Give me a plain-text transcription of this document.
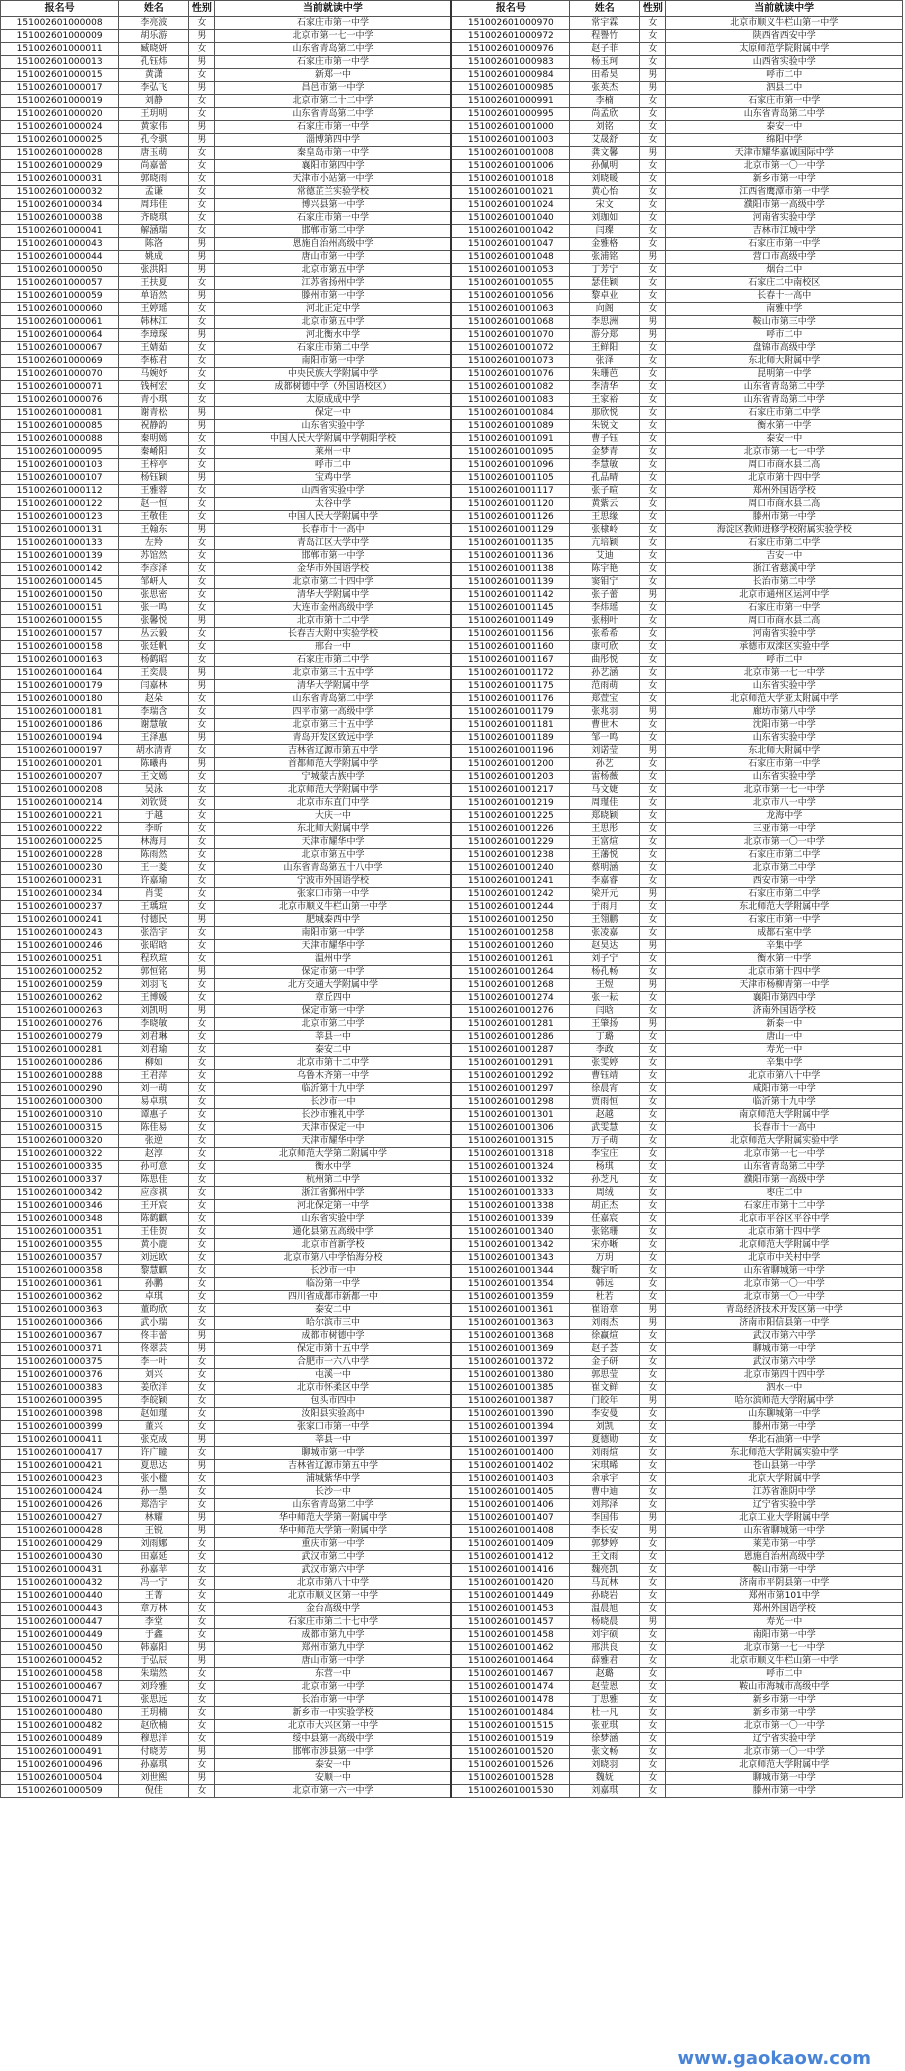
报名号	姓名	性别	当前就读中学	报名号	姓名	性别	当前就读中学
151002601000008	李亮波	女	石家庄市第一中学	151002601000970	常宇霖	女	北京市顺义牛栏山第一中学
151002601000009	胡乐游	男	北京市第一七一中学	151002601000972	程譽竹	女	陕西省西安中学
151002601000011	臧晓妍	女	山东省青岛第二中学	151002601000976	赵子菲	女	太原师范学院附属中学
151002601000013	孔钰炜	男	石家庄市第一中学	151002601000983	杨玉珂	女	山西省实验中学
151002601000015	黄潇	女	新郑一中	151002601000984	田希昊	男	呼市二中
151002601000017	李弘飞	男	昌邑市第一中学	151002601000985	张英杰	男	泗县二中
151002601000019	刘静	女	北京市第二十二中学	151002601000991	李楠	女	石家庄市第一中学
151002601000020	王玥明	女	山东省青岛第二中学	151002601000995	尚孟欣	女	山东省青岛第二中学
151002601000024	黄家伟	男	石家庄市第一中学	151002601001000	刘铭	女	泰安一中
151002601000025	孔令骐	男	淄博第四中学	151002601001003	艾晟舒	女	绵阳中学
151002601000028	唐玉萌	女	秦皇岛市第一中学	151002601001008	龚文馨	男	天津市耀华嘉诚国际中学
151002601000029	尚嘉蕾	女	襄阳市第四中学	151002601001006	孙佩明	女	北京市第一〇一中学
151002601000031	郭晓雨	女	天津市小站第一中学	151002601001018	刘晓暖	女	新乡市第一中学
151002601000032	孟谦	女	常德芷兰实验学校	151002601001021	黄心怡	女	江西省鹰潭市第一中学
151002601000034	周玮佳	女	博兴县第一中学	151002601001024	宋文	女	濮阳市第一高级中学
151002601000038	齐晓琪	女	石家庄市第一中学	151002601001040	刘珈如	女	河南省实验中学
151002601000041	解涵瑞	女	邯郸市第二中学	151002601001042	闫璨	女	吉林市江城中学
151002601000043	陈洛	男	恩施自治州高级中学	151002601001047	金雅格	女	石家庄市第一中学
151002601000044	姚成	男	唐山市第一中学	151002601001048	张浦铭	男	营口市高级中学
151002601000050	张洪阳	男	北京市第五中学	151002601001053	丁芳宁	女	烟台二中
151002601000057	王扶夏	女	江苏省扬州中学	151002601001055	瑟佳颖	女	石家庄二中南校区
151002601000059	单语然	男	滕州市第一中学	151002601001056	黎卓业	女	长春十一高中
151002601000060	王婷瑶	女	河北正定中学	151002601001063	向阁	女	南雅中学
151002601000061	韩林江	女	北京市第五中学	151002601001068	李思洲	男	鞍山市第三中学
151002601000064	李璋琛	男	河北衡水中学	151002601001070	游分郑	男	呼市二中
151002601000067	王婧茹	女	石家庄市第二中学	151002601001072	王鲜阳	女	盘锦市高级中学
151002601000069	李栋君	女	南阳市第一中学	151002601001073	张泽	女	东北师大附属中学
151002601000070	马婉妤	女	中央民族大学附属中学	151002601001076	朱珊芭	女	昆明第一中学
151002601000071	钱柯宏	女	成都树德中学（外国语校区）	151002601001082	李清华	女	山东省青岛第二中学
151002601000076	青小琪	女	太原成成中学	151002601001083	王家裕	女	山东省青岛第二中学
151002601000081	谢青松	男	保定一中	151002601001084	那欣悦	女	石家庄市第二中学
151002601000085	祝静韵	男	山东省实验中学	151002601001089	朱锐文	女	衡水第一中学
151002601000088	秦明嫣	女	中国人民大学附属中学朝阳学校	151002601001091	曹子钰	女	泰安一中
151002601000095	秦崤阳	女	莱州一中	151002601001095	金梦青	女	北京市第一七一中学
151002601000103	王梓亭	女	呼市二中	151002601001096	李慧敏	女	周口市商水县二高
151002601000107	杨钰颖	男	宝鸡中学	151002601001105	孔品晴	女	北京市第十四中学
151002601000112	王雅蓉	女	山西省实验中学	151002601001117	张子暄	女	郑州外国语学校
151002601000122	赵一恒	女	太谷中学	151002601001120	黄紫云	女	周口市商水县二高
151002601000123	王敬佳	女	中国人民大学附属中学	151002601001126	王思缘	女	滕州市第一中学
151002601000131	王翰东	男	长春市十一高中	151002601001129	张棣岭	女	海淀区教师进修学校附属实验学校
151002601000133	左羚	女	青岛江区大学中学	151002601001135	亢培颖	女	石家庄市第二中学
151002601000139	苏馆然	女	邯郸市第一中学	151002601001136	艾迪	女	吉安一中
151002601000142	李彦泽	女	金华市外国语学校	151002601001138	陈宇艳	女	浙江省慈溪中学
151002601000145	邹岍人	女	北京市第二十四中学	151002601001139	窦钼宁	女	长治市第二中学
151002601000150	张思密	女	清华大学附属中学	151002601001142	张子蕾	男	北京市通州区运河中学
151002601000151	张一鸣	女	大连市金州高级中学	151002601001145	李炜瑶	女	石家庄市第一中学
151002601000155	张馨悦	男	北京市第十二中学	151002601001149	张栩叶	女	周口市商水县二高
151002601000157	丛云毅	女	长春吉大附中实验学校	151002601001156	张希希	女	河南省实验中学
151002601000158	张廷帆	女	邢台一中	151002601001160	康可欣	女	承德市双滦区实验中学
151002601000163	杨鹤昭	女	石家庄市第二中学	151002601001167	曲彤悦	女	呼市二中
151002601000164	王奕晨	男	北京市第三十五中学	151002601001172	孙艺涵	女	北京市第一七一中学
151002601000179	闫嘉林	男	清华大学附属中学	151002601001175	范雨萌	女	山东省实验中学
151002601000180	赵朵	女	山东省青岛第二中学	151002601001176	郑萱宝	女	北京师范大学亚太附属中学
151002601000181	李瑞含	女	四平市第一高级中学	151002601001179	张兆羽	男	廊坊市第八中学
151002601000186	谢慧敏	女	北京市第三十五中学	151002601001181	曹世木	女	沈阳市第一中学
151002601000194	王泽惠	男	青岛开发区致远中学	151002601001189	邹一鸣	女	山东省实验中学
151002601000197	胡水清青	女	吉林省辽源市第五中学	151002601001196	刘诺莹	男	东北师大附属中学
151002601000201	陈曦冉	男	首都师范大学附属中学	151002601001200	孙艺	女	石家庄市第一中学
151002601000207	王文嫣	女	宁城蒙古族中学	151002601001203	雷杨薇	女	山东省实验中学
151002601000208	吴泳	女	北京师范大学附属中学	151002601001217	马文婕	女	北京市第一七一中学
151002601000214	刘钦贤	女	北京市东直门中学	151002601001219	周瑾佳	女	北京市八一中学
151002601000221	于越	女	大庆一中	151002601001225	郑晓颖	女	龙海中学
151002601000222	李昕	女	东北师大附属中学	151002601001226	王思彤	女	三亚市第一中学
151002601000225	林海月	女	天津市耀华中学	151002601001229	王富煊	女	北京市第一〇一中学
151002601000228	陈雨然	女	北京市第五中学	151002601001238	王藩悦	女	石家庄市第二中学
151002601000230	王一菱	女	山东省青岛第五十八中学	151002601001240	蔡明涵	女	北京市第二中学
151002601000231	许嘉瑜	女	宁波市外国语学校	151002601001241	李嘉睿	女	西安市第一中学
151002601000234	肖雯	女	张家口市第一中学	151002601001242	梁开元	男	石家庄市第二中学
151002601000237	王瑀瑄	女	北京市顺义牛栏山第一中学	151002601001244	于雨月	女	东北师范大学附属中学
151002601000241	付德民	男	肥城泰西中学	151002601001250	王翎鹏	女	石家庄市第一中学
151002601000243	张浩宇	女	南阳市第一中学	151002601001258	张凌嘉	女	成都石室中学
151002601000246	张昭晗	女	天津市耀华中学	151002601001260	赵昊达	男	辛集中学
151002601000251	程玖瑄	女	温州中学	151002601001261	刘子宁	女	衡水第一中学
151002601000252	郭恒铭	男	保定市第一中学	151002601001264	杨孔畅	女	北京市第十四中学
151002601000259	刘羽飞	女	北方交通大学附属中学	151002601001268	王煜	男	天津市杨柳青第一中学
151002601000262	王博媛	女	章丘四中	151002601001274	张一耘	女	襄阳市第四中学
151002601000263	刘凯明	男	保定市第一中学	151002601001276	闫晗	女	济南外国语学校
151002601000276	李晓敏	女	北京市第二中学	151002601001281	王肇扬	男	新泰一中
151002601000279	刘君琳	女	莘县一中	151002601001286	丁璐	女	唐山一中
151002601000281	刘君瑜	女	泰安二中	151002601001287	李政	女	寿光一中
151002601000286	柳如	女	北京市第十二中学	151002601001291	张雯婷	女	辛集中学
151002601000288	王君萍	女	乌鲁木齐第一中学	151002601001292	曹钰靖	女	北京市第八十中学
151002601000290	刘一萌	女	临沂第十九中学	151002601001297	徐晨宵	女	咸阳市第一中学
151002601000300	易卓琪	女	长沙市一中	151002601001298	贾雨恒	女	临沂第十九中学
151002601000310	谭惠子	女	长沙市雅礼中学	151002601001301	赵越	女	南京师范大学附属中学
151002601000315	陈佳易	女	天津市保定一中	151002601001306	武雯慧	女	长春市十一高中
151002601000320	张逆	女	天津市耀华中学	151002601001315	万子萌	女	北京师范大学附属实验中学
151002601000322	赵淳	女	北京师范大学第二附属中学	151002601001318	李宝庄	女	北京市第一七一中学
151002601000335	孙可意	女	衡水中学	151002601001324	杨琪	女	山东省青岛第二中学
151002601000337	陈思佳	女	杭州第二中学	151002601001332	孙芝凡	女	濮阳市第一高级中学
151002601000342	应彦祺	女	浙江省鄞州中学	151002601001333	周绒	女	枣庄二中
151002601000346	王开宸	女	河北保定第一中学	151002601001338	胡正杰	女	石家庄市第十二中学
151002601000348	陈鹤麒	女	山东省实验中学	151002601001339	任嘉宸	女	北京市平谷区平谷中学
151002601000351	王佳贺	女	通化县第五高级中学	151002601001340	张铭珊	女	北京市第十四中学
151002601000355	黄小鹿	女	北京市首新学校	151002601001342	宋亦晰	女	北京师范大学附属中学
151002601000357	刘远欧	女	北京市第八中学怡海分校	151002601001343	万玥	女	北京市中关村中学
151002601000358	黎慧麒	女	长沙市一中	151002601001344	魏宇昕	女	山东省聊城第一中学
151002601000361	孙鹏	女	临汾第一中学	151002601001354	韩远	女	北京市第一〇一中学
151002601000362	卓琪	女	四川省成都市新都一中	151002601001359	杜若	女	北京市第一〇一中学
151002601000363	董昀欣	女	泰安二中	151002601001361	崔语章	男	青岛经济技术开发区第一中学
151002601000366	武小瑞	女	哈尔滨市三中	151002601001363	刘雨杰	男	济南市阳信县第一中学
151002601000367	佟丰蕾	男	成都市树德中学	151002601001368	徐赢煊	女	武汉市第六中学
151002601000371	佟翠芸	男	保定市第十五中学	151002601001369	赵子荟	女	聊城市第一中学
151002601000375	李一叶	女	合肥市一六八中学	151002601001372	金子研	女	武汉市第六中学
151002601000376	刘兴	女	屯溪一中	151002601001380	郭思莹	女	北京市第四十四中学
151002601000383	姜欣洋	女	北京市怀柔区中学	151002601001385	崔文鲜	女	泗水一中
151002601000395	李皖颖	女	包头市四中	151002601001387	门皎年	男	哈尔滨师范大学附属中学
151002601000398	赵如瑾	女	汝阳县实验高中	151002601001390	李安曼	女	山东聊城第一中学
151002601000399	董兴	女	张家口市第一中学	151002601001394	刘凯	女	滕州市第一中学
151002601000411	张克成	男	莘县一中	151002601001397	夏德勋	女	华北石油第一中学
151002601000417	许广瞳	女	聊城市第一中学	151002601001400	刘雨煊	女	东北师范大学附属实验中学
151002601000421	夏思达	男	吉林省辽源市第五中学	151002601001402	宋琪晞	女	苍山县第一中学
151002601000423	张小楹	女	浦城紫华中学	151002601001403	余承宇	女	北京大学附属中学
151002601000424	孙一墨	女	长沙一中	151002601001405	曹中迪	女	江苏省淮阴中学
151002601000426	郑浩宇	女	山东省青岛第二中学	151002601001406	刘邦泽	女	辽宁省实验中学
151002601000427	林耀	男	华中师范大学第一附属中学	151002601001407	李国伟	男	北京工业大学附属中学
151002601000428	王锐	男	华中师范大学第一附属中学	151002601001408	李长安	男	山东省聊城第一中学
151002601000429	刘雨娜	女	重庆市第一中学	151002601001409	郭梦婷	女	莱芜市第一中学
151002601000430	田嘉延	女	武汉市第二中学	151002601001412	王文雨	女	恩施自治州高级中学
151002601000431	孙嘉苹	女	武汉市第六中学	151002601001416	魏亮凯	女	鞍山市第一中学
151002601000432	冯一宁	女	北京市第八十中学	151002601001420	马瓦林	女	济南市平阴县第一中学
151002601000440	王菁	女	北京市顺义区第一中学	151002601001449	孙晓岩	女	郑州市第101中学
151002601000443	章万林	女	金台高级中学	151002601001453	温晨旭	女	郑州外国语学校
151002601000447	李堂	女	石家庄市第二十七中学	151002601001457	杨晓晨	男	寿光一中
151002601000449	于鑫	女	成都市第九中学	151002601001458	刘宇硕	女	南阳市第一中学
151002601000450	韩嘉阳	男	郑州市第九中学	151002601001462	邢洪良	女	北京市第一七一中学
151002601000452	于弘辰	男	唐山市第一中学	151002601001464	薛雅君	女	北京市顺义牛栏山第一中学
151002601000458	朱瑞然	女	东营一中	151002601001467	赵璐	女	呼市二中
151002601000467	刘玲雅	女	北京市第一中学	151002601001474	赵莹恩	女	鞍山市海城市高级中学
151002601000471	张思远	女	长治市第一中学	151002601001478	丁思雅	女	新乡市第一中学
151002601000480	王玥楠	女	新乡市一中实验学校	151002601001484	杜一凡	女	新乡市第一中学
151002601000482	赵欣楠	女	北京市大兴区第一中学	151002601001515	张亚琪	女	北京市第一〇一中学
151002601000489	穆思洋	女	绥中县第一高级中学	151002601001519	徐梦涵	女	辽宁省实验中学
151002601000491	付晓芳	男	邯郸市涉县第一中学	151002601001520	张文畅	女	北京市第一〇一中学
151002601000496	孙嘉琪	女	泰安一中	151002601001526	刘晓羽	女	北京师范大学附属中学
151002601000504	刘世熙	男	安顺一中	151002601001528	魏妩	女	聊城市第一中学
151002601000509	倪佳	女	北京市第一六一中学	151002601001530	刘嘉琪	女	滕州市第一中学
www.gaokaow.com
